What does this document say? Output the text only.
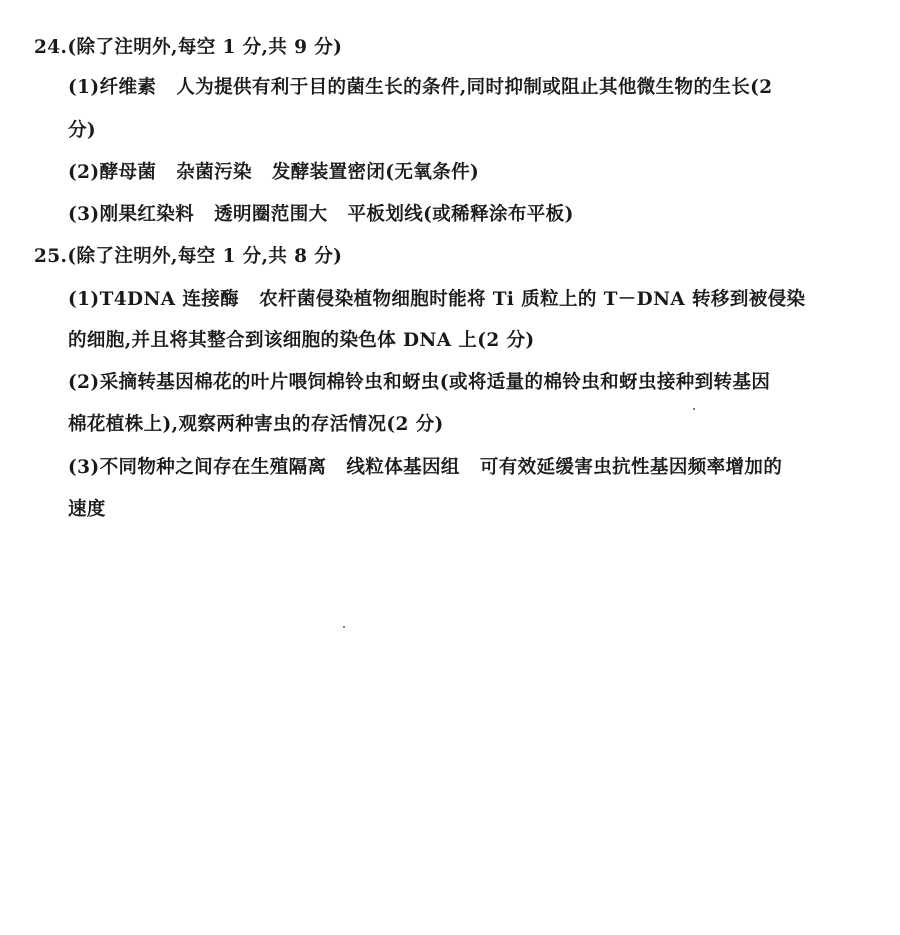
24.(除了注明外,每空 1 分,共 9 分)
(1)纤维素 人为提供有利于目的菌生长的条件,同时抑制或阻止其他微生物的生长(2
分)
(2)酵母菌 杂菌污染 发酵装置密闭(无氧条件)
(3)刚果红染料 透明圈范围大 平板划线(或稀释涂布平板)
25.(除了注明外,每空 1 分,共 8 分)
(1)T4DNA 连接酶 农杆菌侵染植物细胞时能将 Ti 质粒上的 T－DNA 转移到被侵染
的细胞,并且将其整合到该细胞的染色体 DNA 上(2 分)
(2)采摘转基因棉花的叶片喂饲棉铃虫和蚜虫(或将适量的棉铃虫和蚜虫接种到转基因
棉花植株上),观察两种害虫的存活情况(2 分)
(3)不同物种之间存在生殖隔离 线粒体基因组 可有效延缓害虫抗性基因频率增加的
速度
